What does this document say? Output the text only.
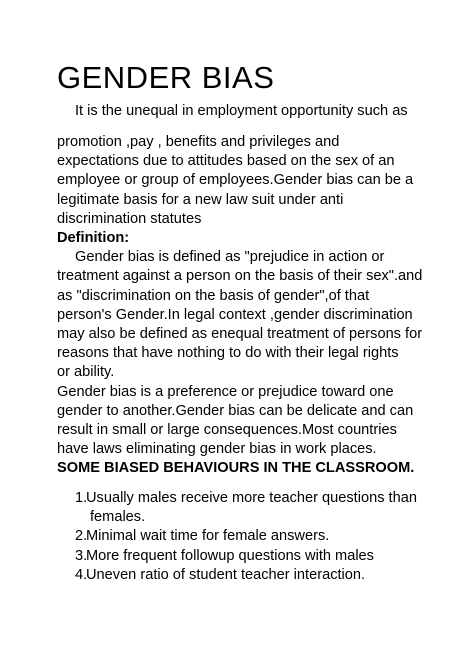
GENDER BIAS
It is the unequal in employment opportunity such as
promotion ,pay , benefits and privileges and
expectations due to attitudes based on the sex of an
employee or group of employees.Gender bias can be a
legitimate basis for a new law suit under anti
discrimination statutes
Definition:
Gender bias is defined as "prejudice in action or
treatment against a person on the basis of their sex".and
as "discrimination on the basis of gender",of that
person's Gender.In legal context ,gender discrimination
may also be defined as enequal treatment of persons for
reasons that have nothing to do with their legal rights
or ability.
Gender bias is a preference or prejudice toward one
gender to another.Gender bias can be delicate and can
result in small or large consequences.Most countries
have laws eliminating gender bias in work places.
SOME BIASED BEHAVIOURS IN THE CLASSROOM.
1.
Usually males receive more teacher questions than
females.
2.
Minimal wait time for female answers.
3.
More frequent followup questions with males
4.
Uneven ratio of student teacher interaction.
